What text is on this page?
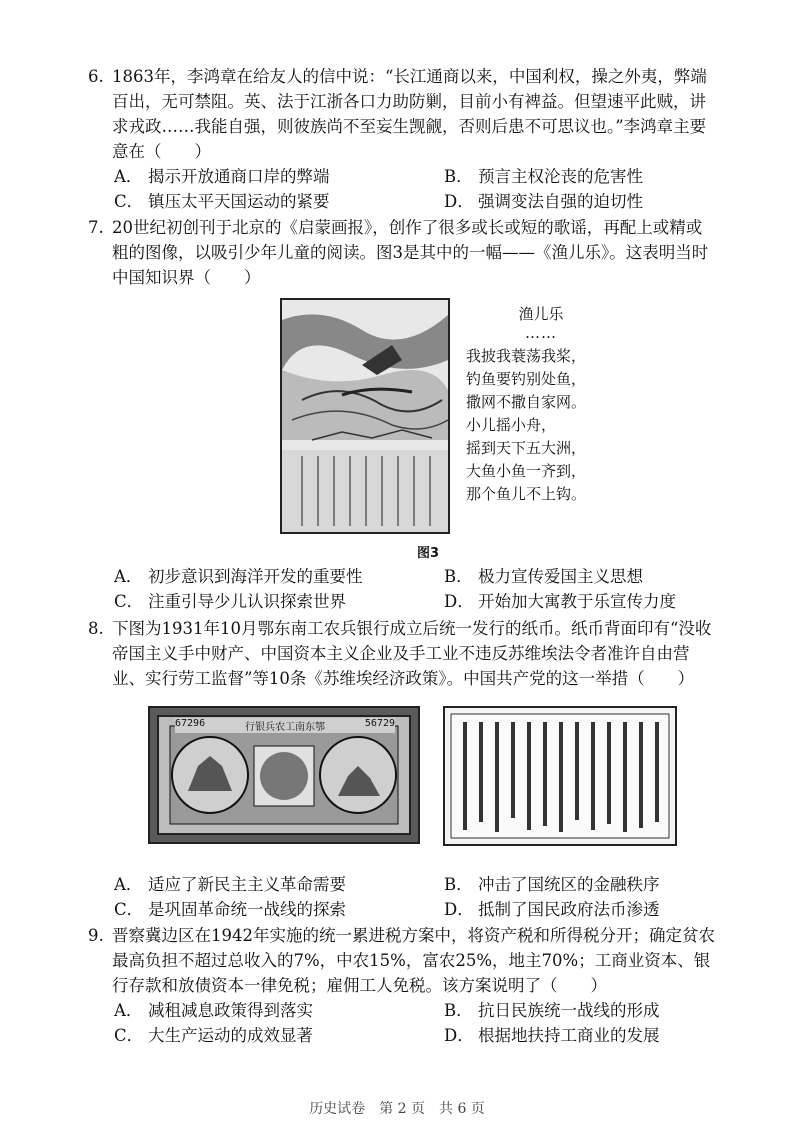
6. 1863年，李鸿章在给友人的信中说：“长江通商以来，中国利权，操之外夷，弊端百出，无可禁阻。英、法于江浙各口力助防剿，目前小有裨益。但望速平此贼，讲求戎政……我能自强，则彼族尚不至妄生觊觎，否则后患不可思议也。”李鸿章主要意在（　　）
A． 揭示开放通商口岸的弊端	B． 预言主权沦丧的危害性
C． 镇压太平天国运动的紧要	D． 强调变法自强的迫切性
7. 20世纪初创刊于北京的《启蒙画报》，创作了很多或长或短的歌谣，再配上或精或粗的图像，以吸引少年儿童的阅读。图3是其中的一幅——《渔儿乐》。这表明当时中国知识界（　　）
图3
渔儿乐
……
我披我蓑荡我桨，
钓鱼要钓别处鱼，
撒网不撒自家网。
小儿摇小舟，
摇到天下五大洲，
大鱼小鱼一齐到，
那个鱼儿不上钩。
A． 初步意识到海洋开发的重要性	B． 极力宣传爱国主义思想
C． 注重引导少儿认识探索世界	D． 开始加大寓教于乐宣传力度
8. 下图为1931年10月鄂东南工农兵银行成立后统一发行的纸币。纸币背面印有“没收帝国主义手中财产、中国资本主义企业及手工业不违反苏维埃法令者准许自由营业、实行劳工监督”等10条《苏维埃经济政策》。中国共产党的这一举措（　　）
67296	行银兵农工南东鄂	56729
A． 适应了新民主主义革命需要	B． 冲击了国统区的金融秩序
C． 是巩固革命统一战线的探索	D． 抵制了国民政府法币渗透
9. 晋察冀边区在1942年实施的统一累进税方案中，将资产税和所得税分开；确定贫农最高负担不超过总收入的7%，中农15%，富农25%，地主70%；工商业资本、银行存款和放债资本一律免税；雇佣工人免税。该方案说明了（　　）
A． 减租减息政策得到落实	B． 抗日民族统一战线的形成
C． 大生产运动的成效显著	D． 根据地扶持工商业的发展
历史试卷　第 2 页　共 6 页
